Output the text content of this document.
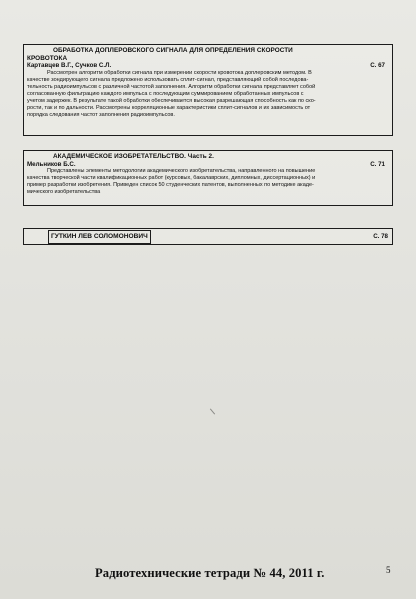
ОБРАБОТКА ДОПЛЕРОВСКОГО СИГНАЛА ДЛЯ ОПРЕДЕЛЕНИЯ СКОРОСТИ

КРОВОТОКА

Картавцев В.Г., Сучков С.Л.	С. 67

Рассмотрен алгоритм обработки сигнала при измерении скорости кровотока доплеровским методом. В
качестве зондирующего сигнала предложено использовать сплит-сигнал, представляющий собой последова-
тельность радиоимпульсов с различной частотой заполнения. Алгоритм обработки сигнала представляет собой
согласованную фильтрацию каждого импульса с последующим суммированием обработанных импульсов с
учетом задержек. В результате такой обработки обеспечивается высокая разрешающая способность как по ско-
рости, так и по дальности. Рассмотрены корреляционные характеристики сплит-сигналов и их зависимость от
порядка следования частот заполнения радиоимпульсов.

АКАДЕМИЧЕСКОЕ ИЗОБРЕТАТЕЛЬСТВО. Часть 2.

Мельников Б.С.	С. 71

Представлены элементы методологии академического изобретательства, направленного на повышение
качества творческой части квалификационных работ (курсовых, бакалаврских, дипломных, диссертационных) и
пример разработки изобретения. Приведен список 50 студенческих патентов, выполненных по методике акаде-
мического изобретательства

ГУТКИН ЛЕВ СОЛОМОНОВИЧ	С. 78
Радиотехнические тетради № 44, 2011 г.	5
